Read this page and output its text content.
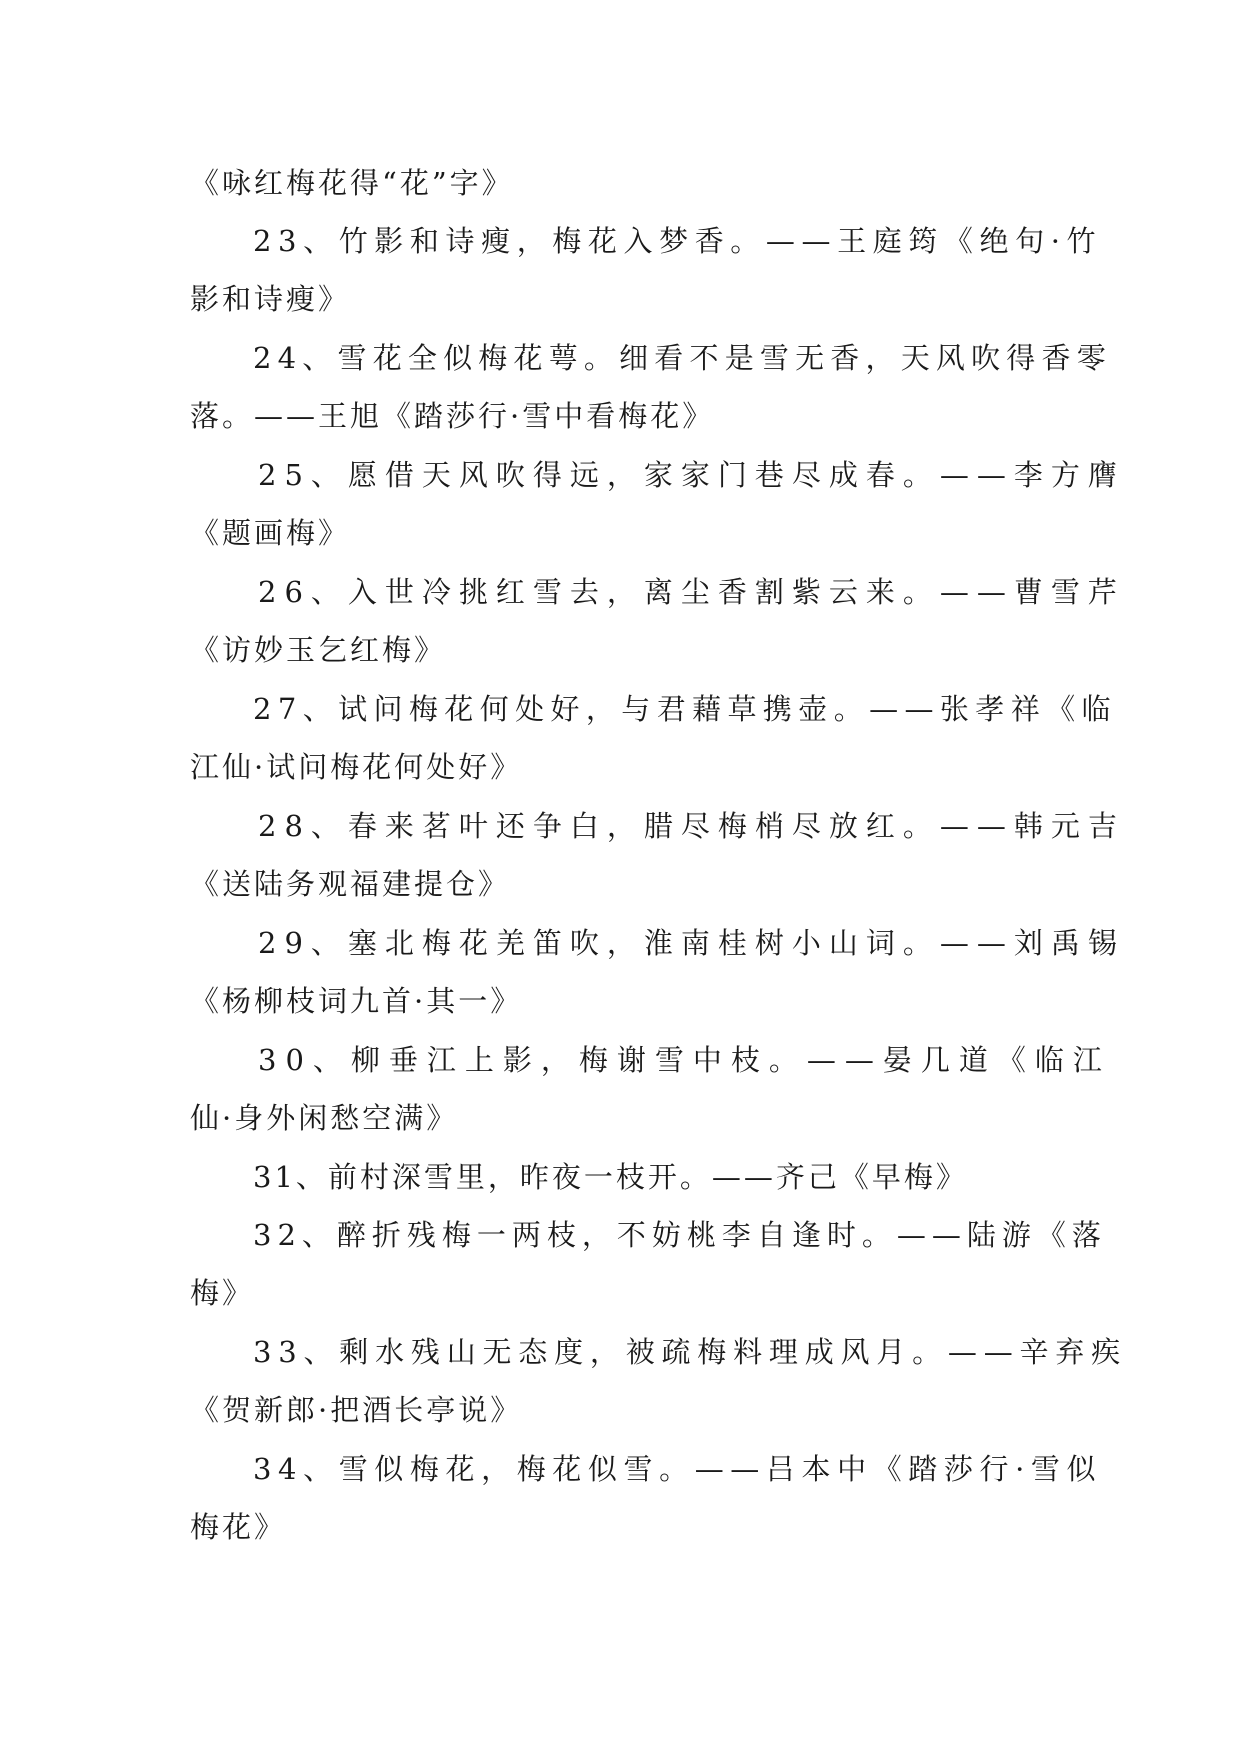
《咏红梅花得“花”字》
23、竹影和诗瘦，梅花入梦香。——王庭筠《绝句·竹
影和诗瘦》
24、雪花全似梅花萼。细看不是雪无香，天风吹得香零
落。——王旭《踏莎行·雪中看梅花》
25、愿借天风吹得远，家家门巷尽成春。——李方膺
《题画梅》
26、入世冷挑红雪去，离尘香割紫云来。——曹雪芹
《访妙玉乞红梅》
27、试问梅花何处好，与君藉草携壶。——张孝祥《临
江仙·试问梅花何处好》
28、春来茗叶还争白，腊尽梅梢尽放红。——韩元吉
《送陆务观福建提仓》
29、塞北梅花羌笛吹，淮南桂树小山词。——刘禹锡
《杨柳枝词九首·其一》
30、柳垂江上影，梅谢雪中枝。——晏几道《临江
仙·身外闲愁空满》
31、前村深雪里，昨夜一枝开。——齐己《早梅》
32、醉折残梅一两枝，不妨桃李自逢时。——陆游《落
梅》
33、剩水残山无态度，被疏梅料理成风月。——辛弃疾
《贺新郎·把酒长亭说》
34、雪似梅花，梅花似雪。——吕本中《踏莎行·雪似
梅花》
